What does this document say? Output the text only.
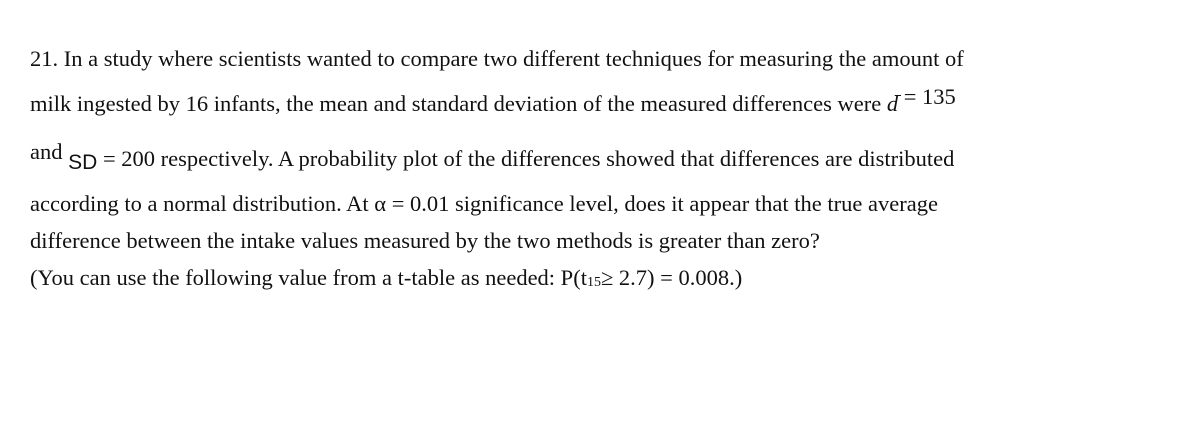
21. In a study where scientists wanted to compare two different techniques for measuring the amount of
milk ingested by 16 infants, the mean and standard deviation of the measured differences were d = 135
and SD = 200 respectively. A probability plot of the differences showed that differences are distributed
according to a normal distribution. At α = 0.01 significance level, does it appear that the true average
difference between the intake values measured by the two methods is greater than zero?
(You can use the following value from a t-table as needed: P(t15≥ 2.7) = 0.008.)
